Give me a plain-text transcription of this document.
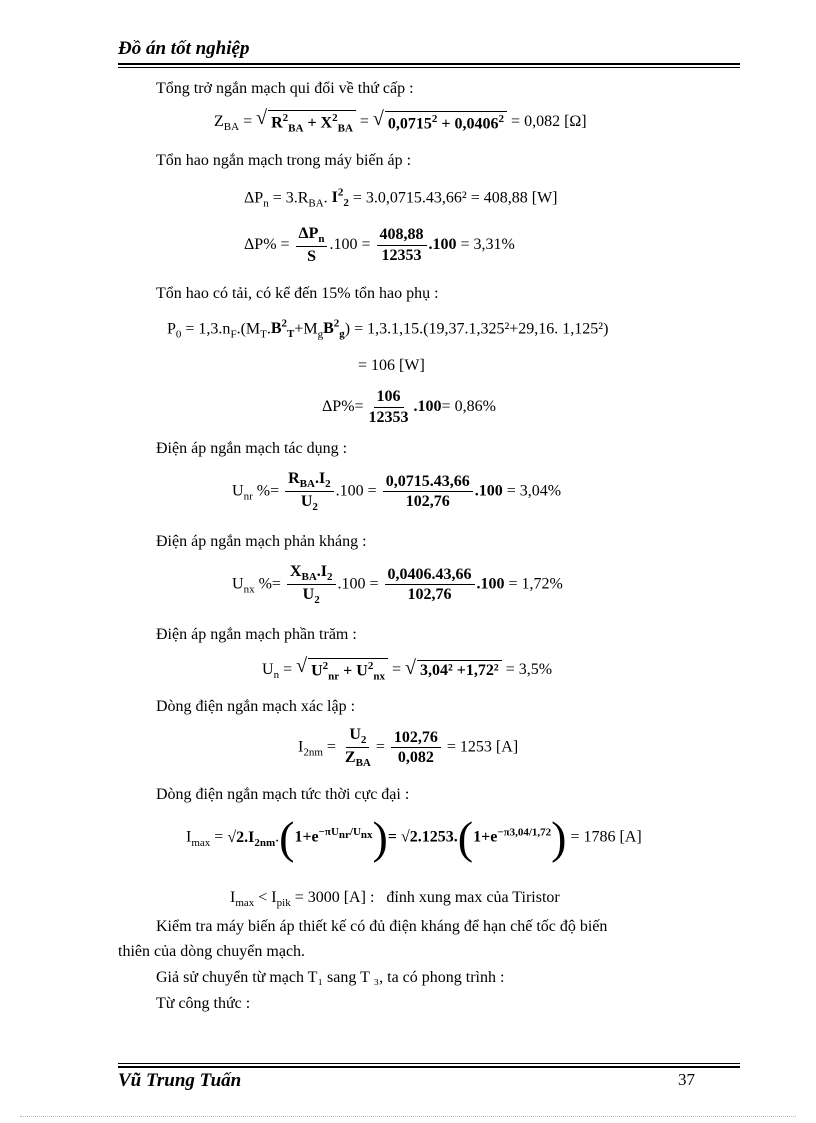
Đồ án tốt nghiệp
Tổng trở ngắn mạch qui đổi về thứ cấp :
$Z_{BA}$ = √ $R^2_{BA} + X^2_{BA}$ = √ $0,0715^2 + 0,0406^2 = 0,082$ [Ω]
Tổn hao ngắn mạch trong máy biến áp :
$\Delta P_n = 3.R_{BA}$. $I^2_2 = 3.0,0715.43,66^2 = 408,88$ [W]
$\Delta P\% = \frac{\Delta P_n}{S} .100 = \frac{408,88}{12353} .100 = 3,31\%$
Tổn hao có tải, có kể đến 15% tổn hao phụ :
$P_0 = 1,3.n_F.(M_T.B^2_T+M_gB^2_g) = 1,3.1,15.(19,37.1,325^2+29,16$. 1,125²)
= 106 [W]
$\Delta P\%= \frac{106}{12353} .100= 0,86\%$
Điện áp ngắn mạch tác dụng :
$U_{nr}$ %= $\frac{R_{BA}.I_2}{U_2} .100 = \frac{0,0715.43,66}{102,76} .100 = 3,04\%$
Điện áp ngắn mạch phản kháng :
$U_{nx}$ %= $\frac{X_{BA}.I_2}{U_2} .100 = \frac{0,0406.43,66}{102,76} .100 = 1,72\%$
Điện áp ngắn mạch phần trăm :
$U_n$ = √ $U^2_{nr} + U^2_{nx}$ = √ 3,04² +1,72² = 3,5%
Dòng điện ngắn mạch xác lập :
$I_{2nm} = \frac{U_2}{Z_{BA}} = \frac{102,76}{0,082} = 1253$ [A]
Dòng điện ngắn mạch tức thời cực đại :
$I_{max} = √2.I_{2nm}.(1+e^{-\pi U_{nr}/U_{nx}})= √2.1253.(1+e^{-\pi 3,04/1,72}) = 1786$ [A]
$I_{max} < I_{pik} = 3000$ [A] :   đỉnh xung max của Tiristor
Kiểm tra máy biến áp thiết kế có đủ điện kháng để hạn chế tốc độ biến
thiên của dòng chuyển mạch.
Giả sử chuyển từ mạch T₁ sang T ₃, ta có phong trình :
Từ công thức :
Vũ Trung Tuấn	37
